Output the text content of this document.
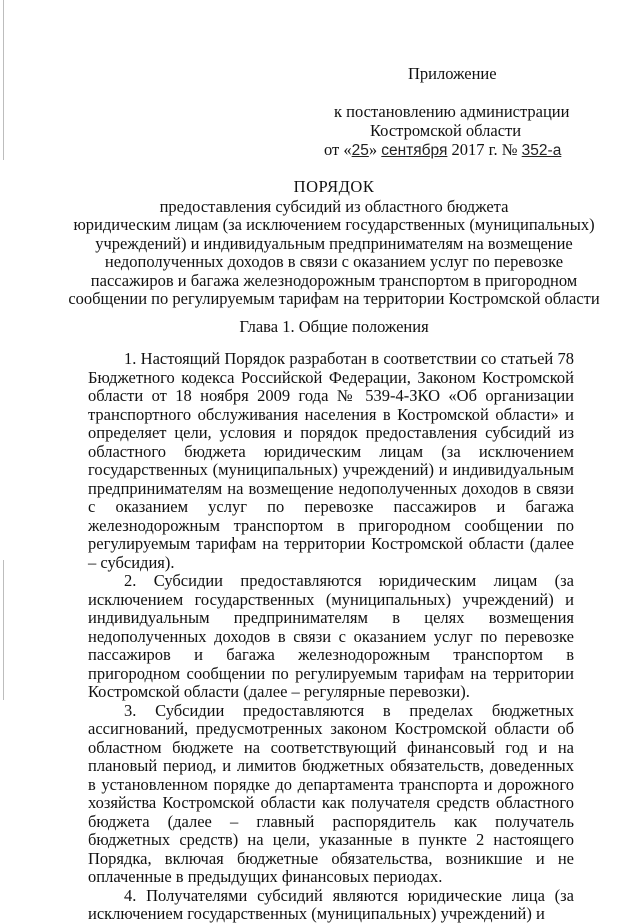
Приложение
к постановлению администрации
Костромской области
от «25» сентября 2017 г. № 352-а
ПОРЯДОК
предоставления субсидий из областного бюджета
юридическим лицам (за исключением государственных (муниципальных)
учреждений) и индивидуальным предпринимателям на возмещение
недополученных доходов в связи с оказанием услуг по перевозке
пассажиров и багажа железнодорожным транспортом в пригородном
сообщении по регулируемым тарифам на территории Костромской области
Глава 1. Общие положения

1. Настоящий Порядок разработан в соответствии со статьей 78 Бюджетного кодекса Российской Федерации, Законом Костромской области от 18 ноября 2009 года № 539-4-ЗКО «Об организации транспортного обслуживания населения в Костромской области» и определяет цели, условия и порядок предоставления субсидий из областного бюджета юридическим лицам (за исключением государственных (муниципальных) учреждений) и индивидуальным предпринимателям на возмещение недополученных доходов в связи с оказанием услуг по перевозке пассажиров и багажа железнодорожным транспортом в пригородном сообщении по регулируемым тарифам на территории Костромской области (далее – субсидия).

2. Субсидии предоставляются юридическим лицам (за исключением государственных (муниципальных) учреждений) и индивидуальным предпринимателям в целях возмещения недополученных доходов в связи с оказанием услуг по перевозке пассажиров и багажа железнодорожным транспортом в пригородном сообщении по регулируемым тарифам на территории Костромской области (далее – регулярные перевозки).

3. Субсидии предоставляются в пределах бюджетных ассигнований, предусмотренных законом Костромской области об областном бюджете на соответствующий финансовый год и на плановый период, и лимитов бюджетных обязательств, доведенных в установленном порядке до департамента транспорта и дорожного хозяйства Костромской области как получателя средств областного бюджета (далее – главный распорядитель как получатель бюджетных средств) на цели, указанные в пункте 2 настоящего Порядка, включая бюджетные обязательства, возникшие и не оплаченные в предыдущих финансовых периодах.

4. Получателями субсидий являются юридические лица (за исключением государственных (муниципальных) учреждений) и
